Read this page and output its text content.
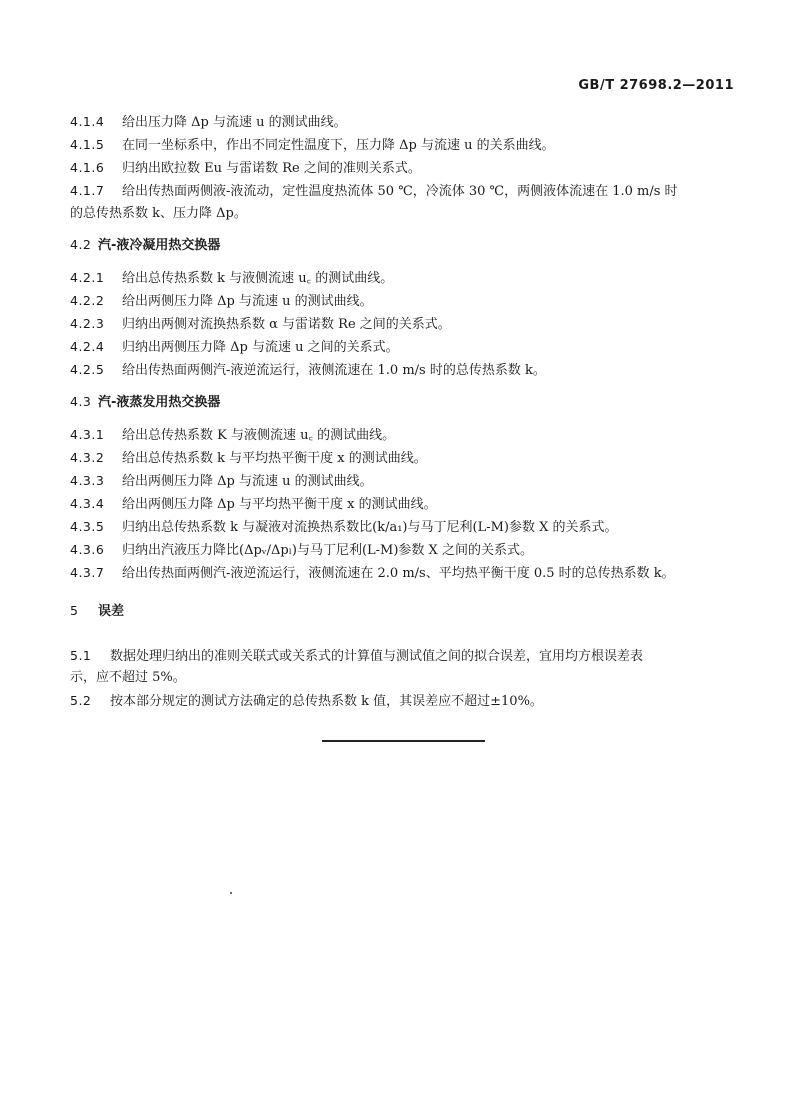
GB/T 27698.2—2011
4.1.4 给出压力降 Δp 与流速 u 的测试曲线。
4.1.5 在同一坐标系中，作出不同定性温度下，压力降 Δp 与流速 u 的关系曲线。
4.1.6 归纳出欧拉数 Eu 与雷诺数 Re 之间的准则关系式。
4.1.7 给出传热面两侧液-液流动，定性温度热流体 50 ℃，冷流体 30 ℃，两侧液体流速在 1.0 m/s 时
的总传热系数 k、压力降 Δp。
4.2 汽-液冷凝用热交换器
4.2.1 给出总传热系数 k 与液侧流速 u꜀ 的测试曲线。
4.2.2 给出两侧压力降 Δp 与流速 u 的测试曲线。
4.2.3 归纳出两侧对流换热系数 α 与雷诺数 Re 之间的关系式。
4.2.4 归纳出两侧压力降 Δp 与流速 u 之间的关系式。
4.2.5 给出传热面两侧汽-液逆流运行，液侧流速在 1.0 m/s 时的总传热系数 k。
4.3 汽-液蒸发用热交换器
4.3.1 给出总传热系数 K 与液侧流速 u꜀ 的测试曲线。
4.3.2 给出总传热系数 k 与平均热平衡干度 x 的测试曲线。
4.3.3 给出两侧压力降 Δp 与流速 u 的测试曲线。
4.3.4 给出两侧压力降 Δp 与平均热平衡干度 x 的测试曲线。
4.3.5 归纳出总传热系数 k 与凝液对流换热系数比(k/a₁)与马丁尼利(L-M)参数 X 的关系式。
4.3.6 归纳出汽液压力降比(Δpᵥ/Δpₗ)与马丁尼利(L-M)参数 X 之间的关系式。
4.3.7 给出传热面两侧汽-液逆流运行，液侧流速在 2.0 m/s、平均热平衡干度 0.5 时的总传热系数 k。
5 误差
5.1 数据处理归纳出的准则关联式或关系式的计算值与测试值之间的拟合误差，宜用均方根误差表
示，应不超过 5%。
5.2 按本部分规定的测试方法确定的总传热系数 k 值，其误差应不超过±10%。
